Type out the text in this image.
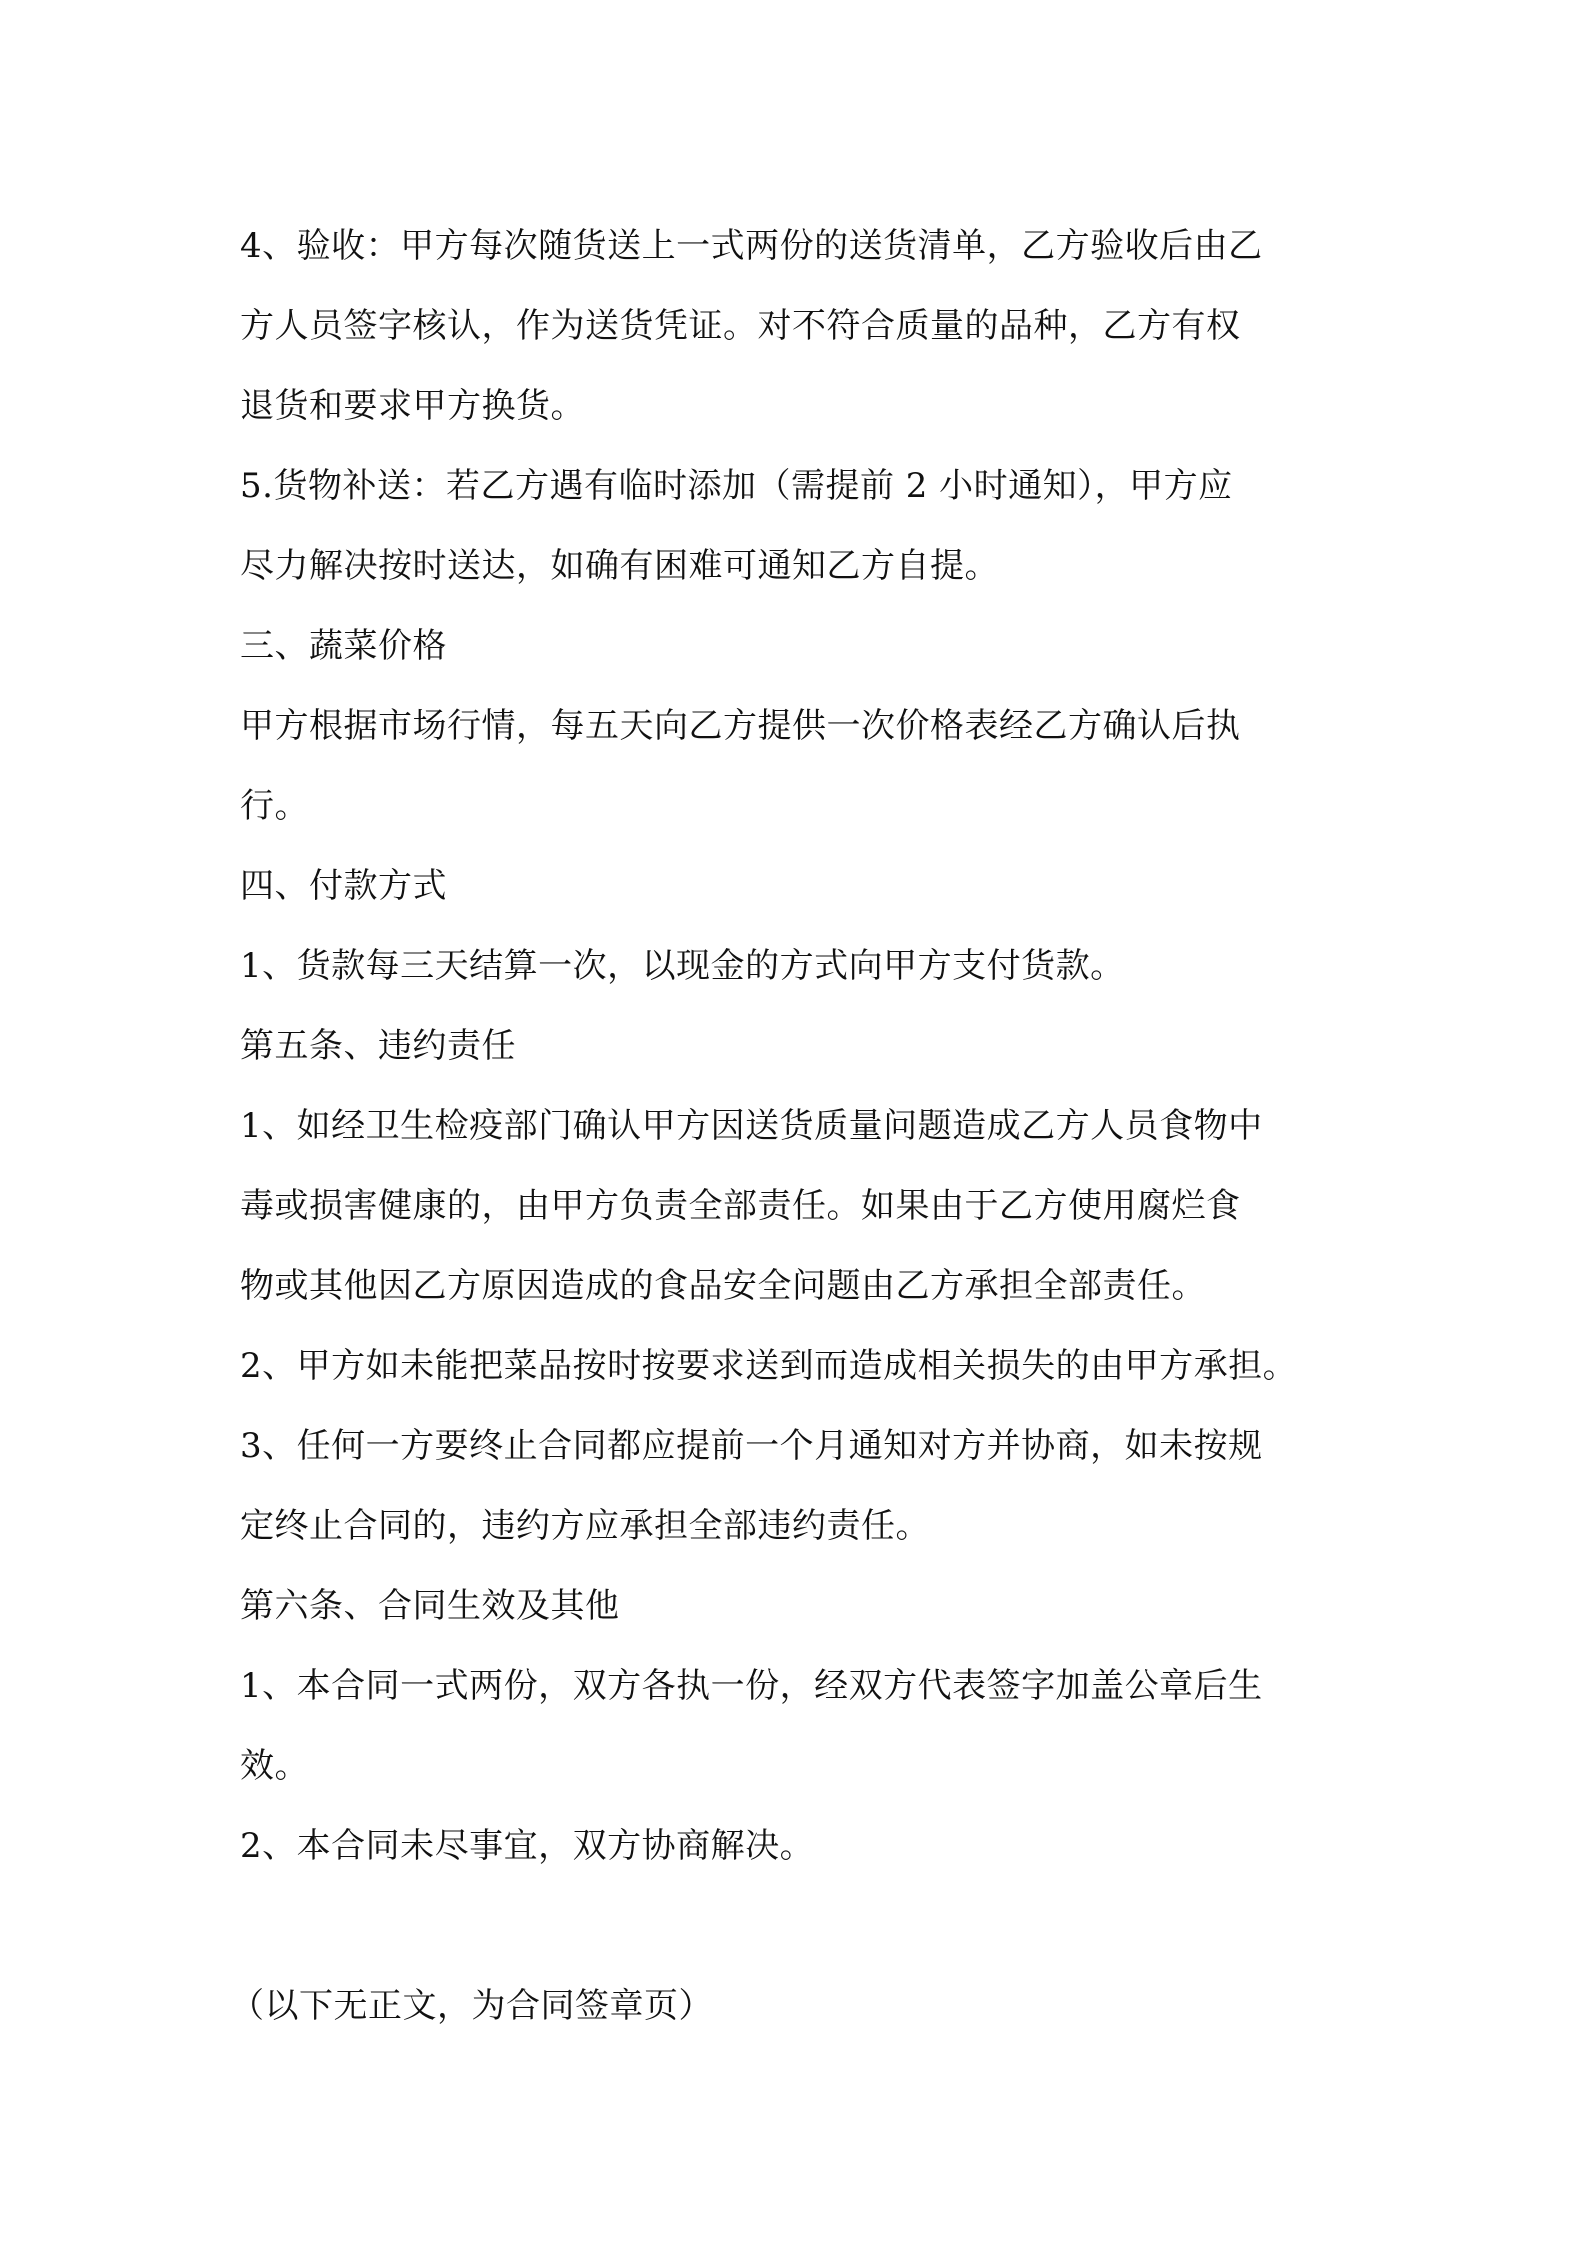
4、验收：甲方每次随货送上一式两份的送货清单，乙方验收后由乙
方人员签字核认，作为送货凭证。对不符合质量的品种，乙方有权
退货和要求甲方换货。
5.货物补送：若乙方遇有临时添加（需提前 2 小时通知），甲方应
尽力解决按时送达，如确有困难可通知乙方自提。
三、蔬菜价格
甲方根据市场行情，每五天向乙方提供一次价格表经乙方确认后执
行。
四、付款方式
1、货款每三天结算一次，以现金的方式向甲方支付货款。
第五条、违约责任
1、如经卫生检疫部门确认甲方因送货质量问题造成乙方人员食物中
毒或损害健康的，由甲方负责全部责任。如果由于乙方使用腐烂食
物或其他因乙方原因造成的食品安全问题由乙方承担全部责任。
2、甲方如未能把菜品按时按要求送到而造成相关损失的由甲方承担。
3、任何一方要终止合同都应提前一个月通知对方并协商，如未按规
定终止合同的，违约方应承担全部违约责任。
第六条、合同生效及其他
1、本合同一式两份，双方各执一份，经双方代表签字加盖公章后生
效。
2、本合同未尽事宜，双方协商解决。
（以下无正文，为合同签章页）
